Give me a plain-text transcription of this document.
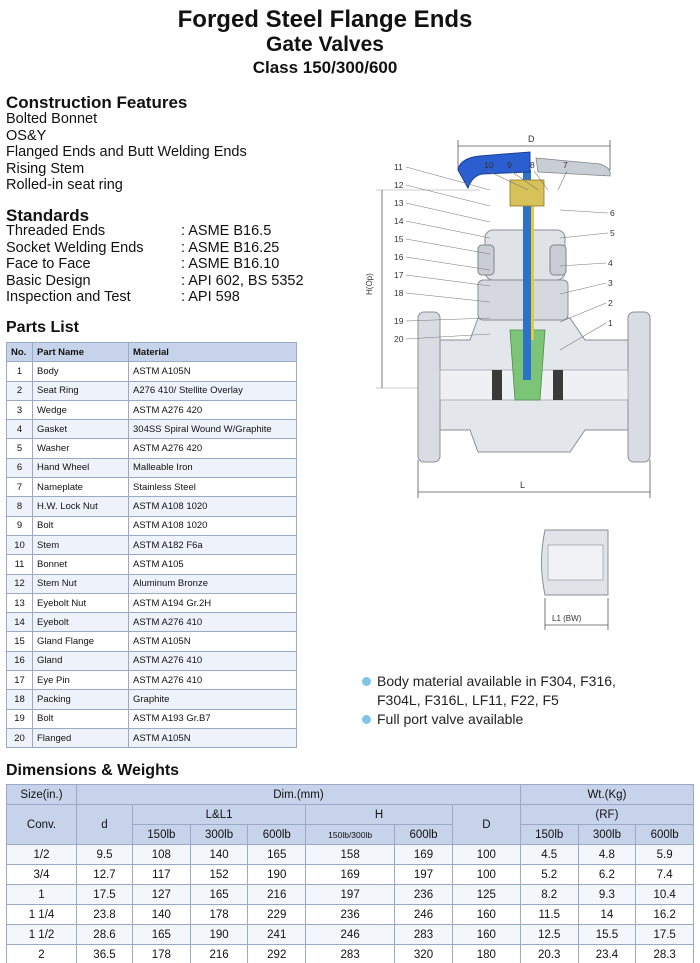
Forged Steel Flange Ends
Gate Valves
Class 150/300/600
Construction Features
Bolted Bonnet
OS&Y
Flanged Ends and Butt Welding Ends
Rising Stem
Rolled-in seat ring
Standards
Threaded Ends	: ASME B16.5
Socket Welding Ends	: ASME B16.25
Face to Face	: ASME B16.10
Basic Design	: API 602, BS 5352
Inspection and Test	: API 598
Parts List
No.	Part Name	Material
1	Body	ASTM A105N
2	Seat Ring	A276 410/ Stellite Overlay
3	Wedge	ASTM A276 420
4	Gasket	304SS Spiral Wound W/Graphite
5	Washer	ASTM A276 420
6	Hand Wheel	Malleable Iron
7	Nameplate	Stainless Steel
8	H.W. Lock Nut	ASTM A108 1020
9	Bolt	ASTM A108 1020
10	Stem	ASTM A182 F6a
11	Bonnet	ASTM A105
12	Stem Nut	Aluminum Bronze
13	Eyebolt Nut	ASTM A194 Gr.2H
14	Eyebolt	ASTM A276 410
15	Gland Flange	ASTM A105N
16	Gland	ASTM A276 410
17	Eye Pin	ASTM A276 410
18	Packing	Graphite
19	Bolt	ASTM A193 Gr.B7
20	Flanged	ASTM A105N
D
H(Op)
L
11
12
13
14
15
16
17
18
19
20
10 9 8	7
6
5
4
3
2
1
L1 (BW)
Body material available in F304, F316,
F304L, F316L, LF11, F22, F5
Full port valve available
Dimensions & Weights
Size(in.)	Dim.(mm)							Wt.(Kg)		
Conv.	d	L&L1			H		D	(RF)		
		150lb	300lb	600lb	150lb/300lb	600lb		150lb	300lb	600lb
1/2	9.5	108	140	165	158	169	100	4.5	4.8	5.9
3/4	12.7	117	152	190	169	197	100	5.2	6.2	7.4
1	17.5	127	165	216	197	236	125	8.2	9.3	10.4
1 1/4	23.8	140	178	229	236	246	160	11.5	14	16.2
1 1/2	28.6	165	190	241	246	283	160	12.5	15.5	17.5
2	36.5	178	216	292	283	320	180	20.3	23.4	28.3
